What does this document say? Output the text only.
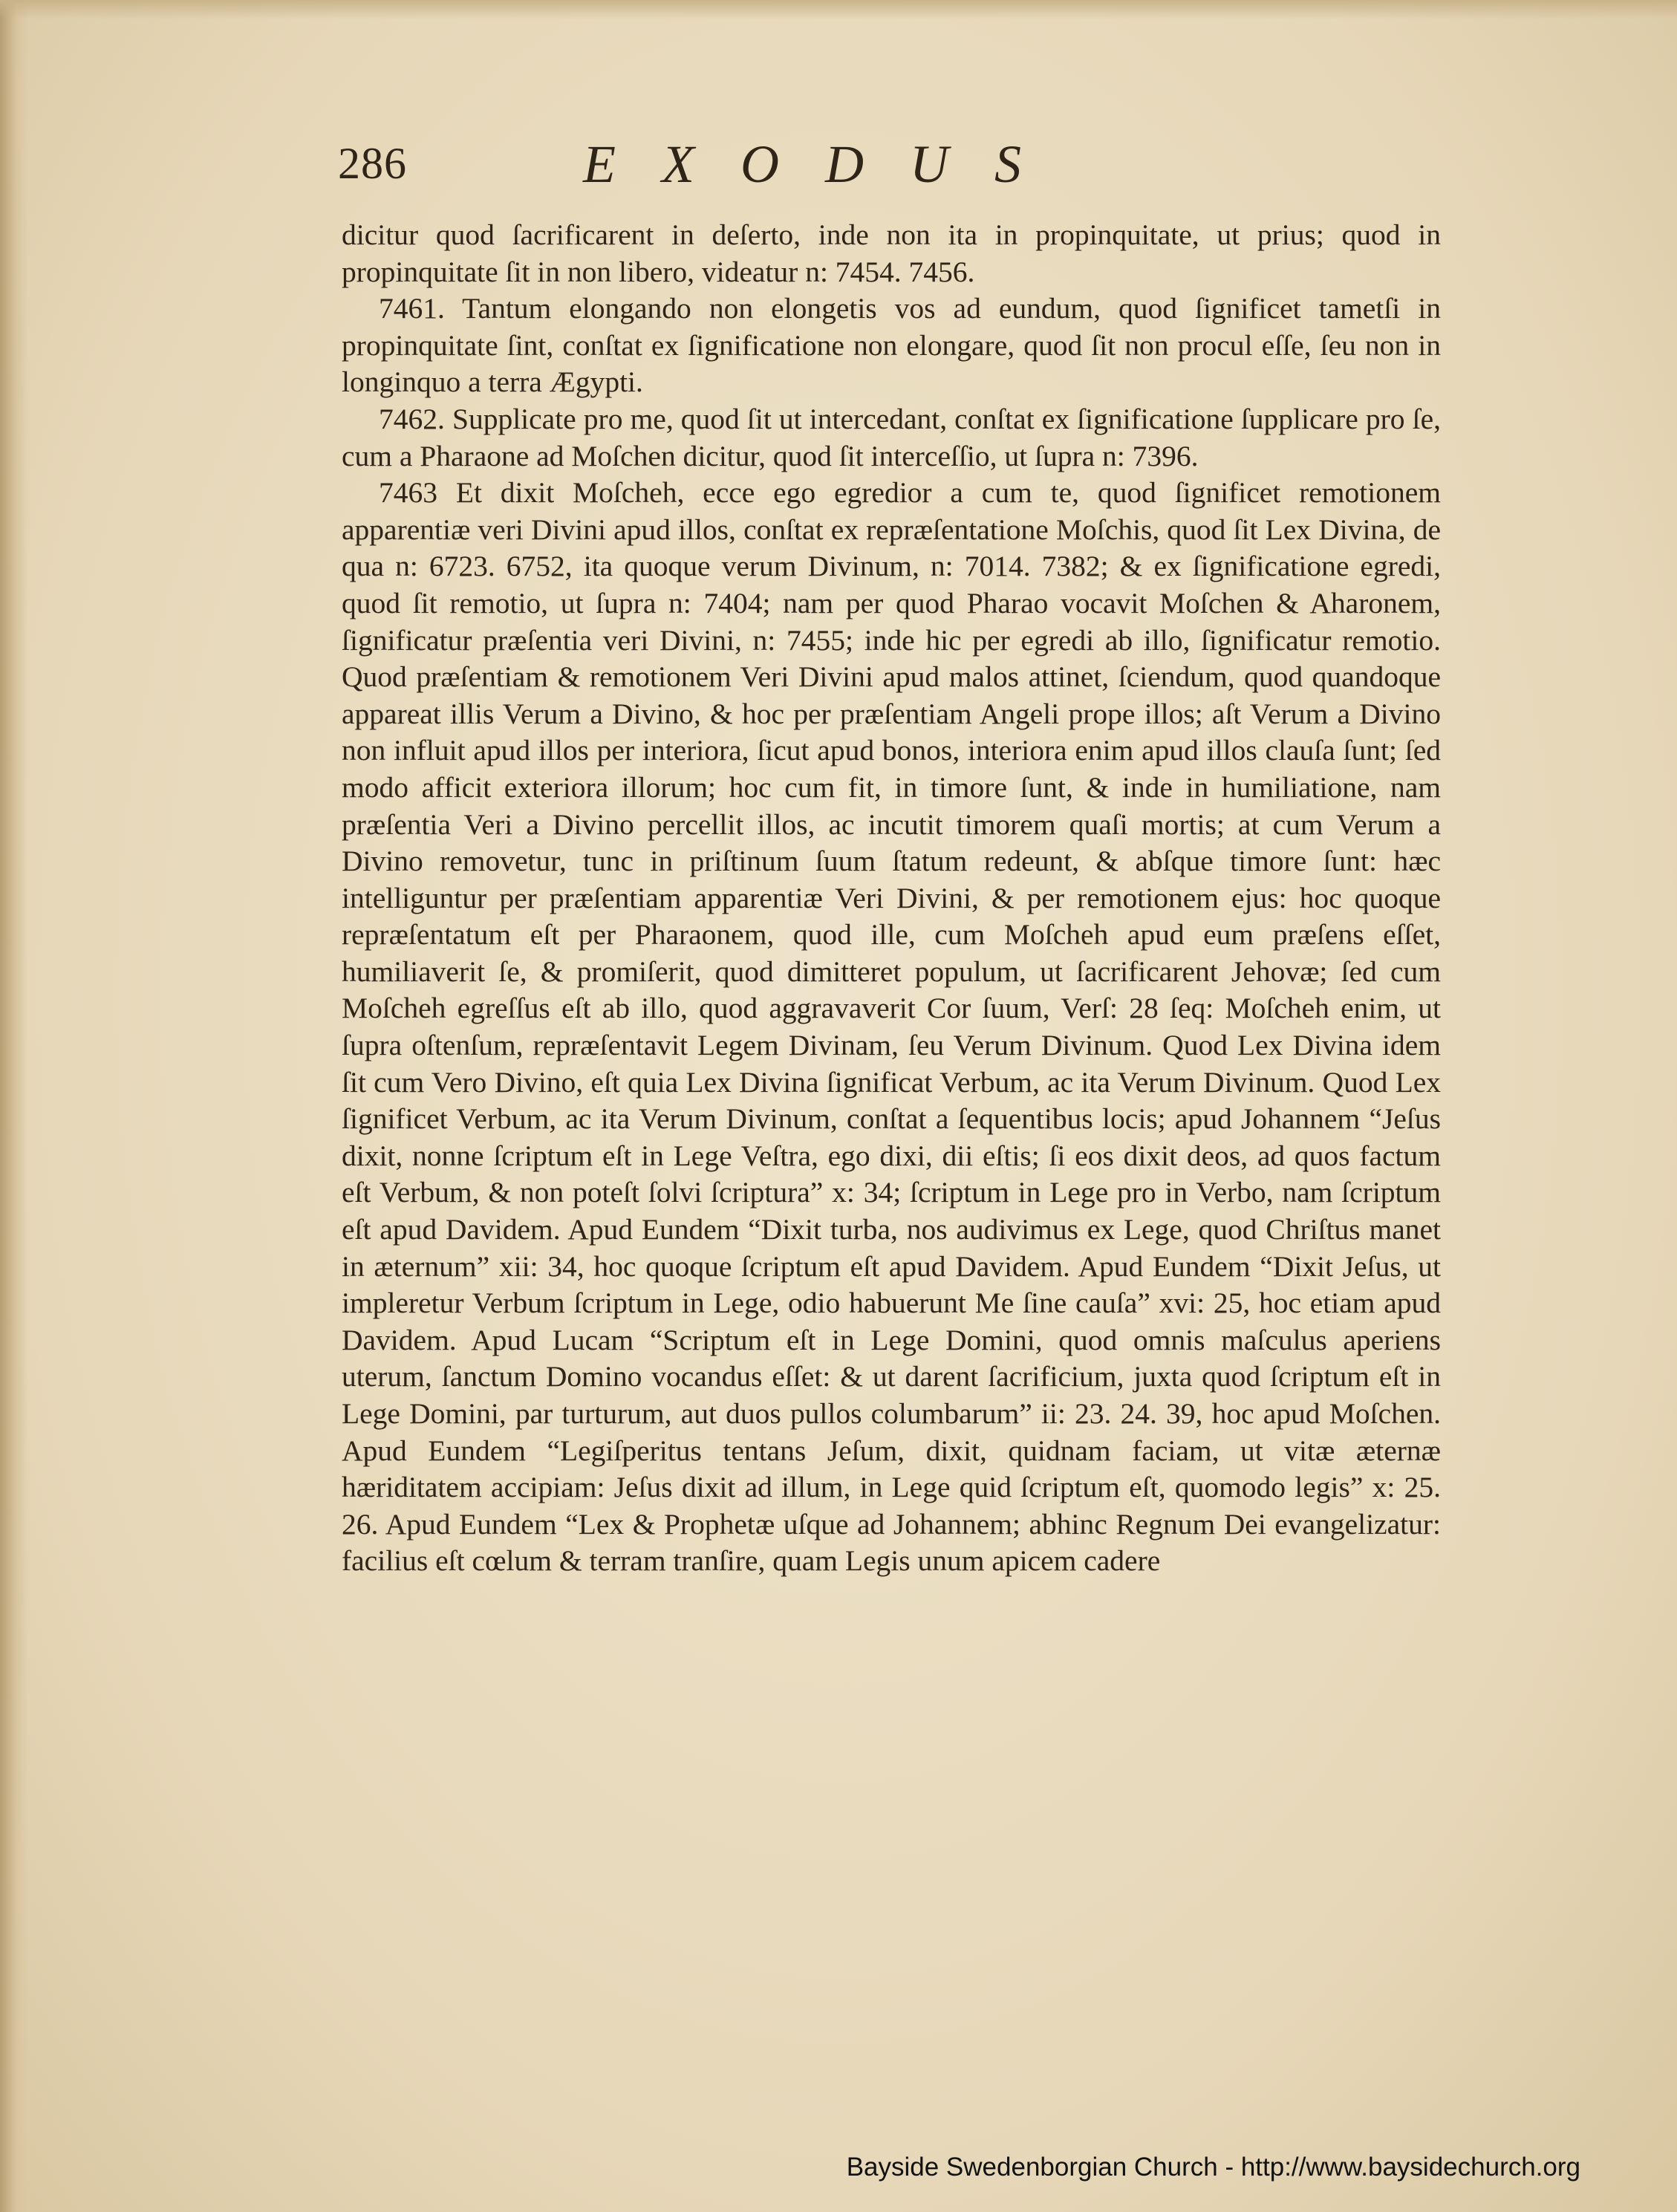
286	EXODUS

dicitur quod ſacrificarent in deſerto, inde non ita in propinquitate, ut prius; quod in propinquitate ſit in non libero, videatur n: 7454. 7456.

7461. Tantum elongando non elongetis vos ad eundum, quod ſignificet tametſi in propinquitate ſint, conſtat ex ſignificatione non elongare, quod ſit non procul eſſe, ſeu non in longinquo a terra Ægypti.

7462. Supplicate pro me, quod ſit ut intercedant, conſtat ex ſignificatione ſupplicare pro ſe, cum a Pharaone ad Moſchen dicitur, quod ſit interceſſio, ut ſupra n: 7396.

7463 Et dixit Moſcheh, ecce ego egredior a cum te, quod ſignificet remotionem apparentiæ veri Divini apud illos, conſtat ex repræſentatione Moſchis, quod ſit Lex Divina, de qua n: 6723. 6752, ita quoque verum Divinum, n: 7014. 7382; & ex ſignificatione egredi, quod ſit remotio, ut ſupra n: 7404; nam per quod Pharao vocavit Moſchen & Aharonem, ſignificatur præſentia veri Divini, n: 7455; inde hic per egredi ab illo, ſignificatur remotio. Quod præſentiam & remotionem Veri Divini apud malos attinet, ſciendum, quod quandoque appareat illis Verum a Divino, & hoc per præſentiam Angeli prope illos; aſt Verum a Divino non influit apud illos per interiora, ſicut apud bonos, interiora enim apud illos clauſa ſunt; ſed modo afficit exteriora illorum; hoc cum fit, in timore ſunt, & inde in humiliatione, nam præſentia Veri a Divino percellit illos, ac incutit timorem quaſi mortis; at cum Verum a Divino removetur, tunc in priſtinum ſuum ſtatum redeunt, & abſque timore ſunt: hæc intelliguntur per præſentiam apparentiæ Veri Divini, & per remotionem ejus: hoc quoque repræſentatum eſt per Pharaonem, quod ille, cum Moſcheh apud eum præſens eſſet, humiliaverit ſe, & promiſerit, quod dimitteret populum, ut ſacrificarent Jehovæ; ſed cum Moſcheh egreſſus eſt ab illo, quod aggravaverit Cor ſuum, Verſ: 28 ſeq: Moſcheh enim, ut ſupra oſtenſum, repræſentavit Legem Divinam, ſeu Verum Divinum. Quod Lex Divina idem ſit cum Vero Divino, eſt quia Lex Divina ſignificat Verbum, ac ita Verum Divinum. Quod Lex ſignificet Verbum, ac ita Verum Divinum, conſtat a ſequentibus locis; apud Johannem “Jeſus dixit, nonne ſcriptum eſt in Lege Veſtra, ego dixi, dii eſtis; ſi eos dixit deos, ad quos factum eſt Verbum, & non poteſt ſolvi ſcriptura” x: 34; ſcriptum in Lege pro in Verbo, nam ſcriptum eſt apud Davidem. Apud Eundem “Dixit turba, nos audivimus ex Lege, quod Chriſtus manet in æternum” xii: 34, hoc quoque ſcriptum eſt apud Davidem. Apud Eundem “Dixit Jeſus, ut impleretur Verbum ſcriptum in Lege, odio habuerunt Me ſine cauſa” xvi: 25, hoc etiam apud Davidem. Apud Lucam “Scriptum eſt in Lege Domini, quod omnis maſculus aperiens uterum, ſanctum Domino vocandus eſſet: & ut darent ſacrificium, juxta quod ſcriptum eſt in Lege Domini, par turturum, aut duos pullos columbarum” ii: 23. 24. 39, hoc apud Moſchen. Apud Eundem “Legiſperitus tentans Jeſum, dixit, quidnam faciam, ut vitæ æternæ hæriditatem accipiam: Jeſus dixit ad illum, in Lege quid ſcriptum eſt, quomodo legis” x: 25. 26. Apud Eundem “Lex & Prophetæ uſque ad Johannem; abhinc Regnum Dei evangelizatur: facilius eſt cœlum & terram tranſire, quam Legis unum apicem cadere

Bayside Swedenborgian Church - http://www.baysidechurch.org
